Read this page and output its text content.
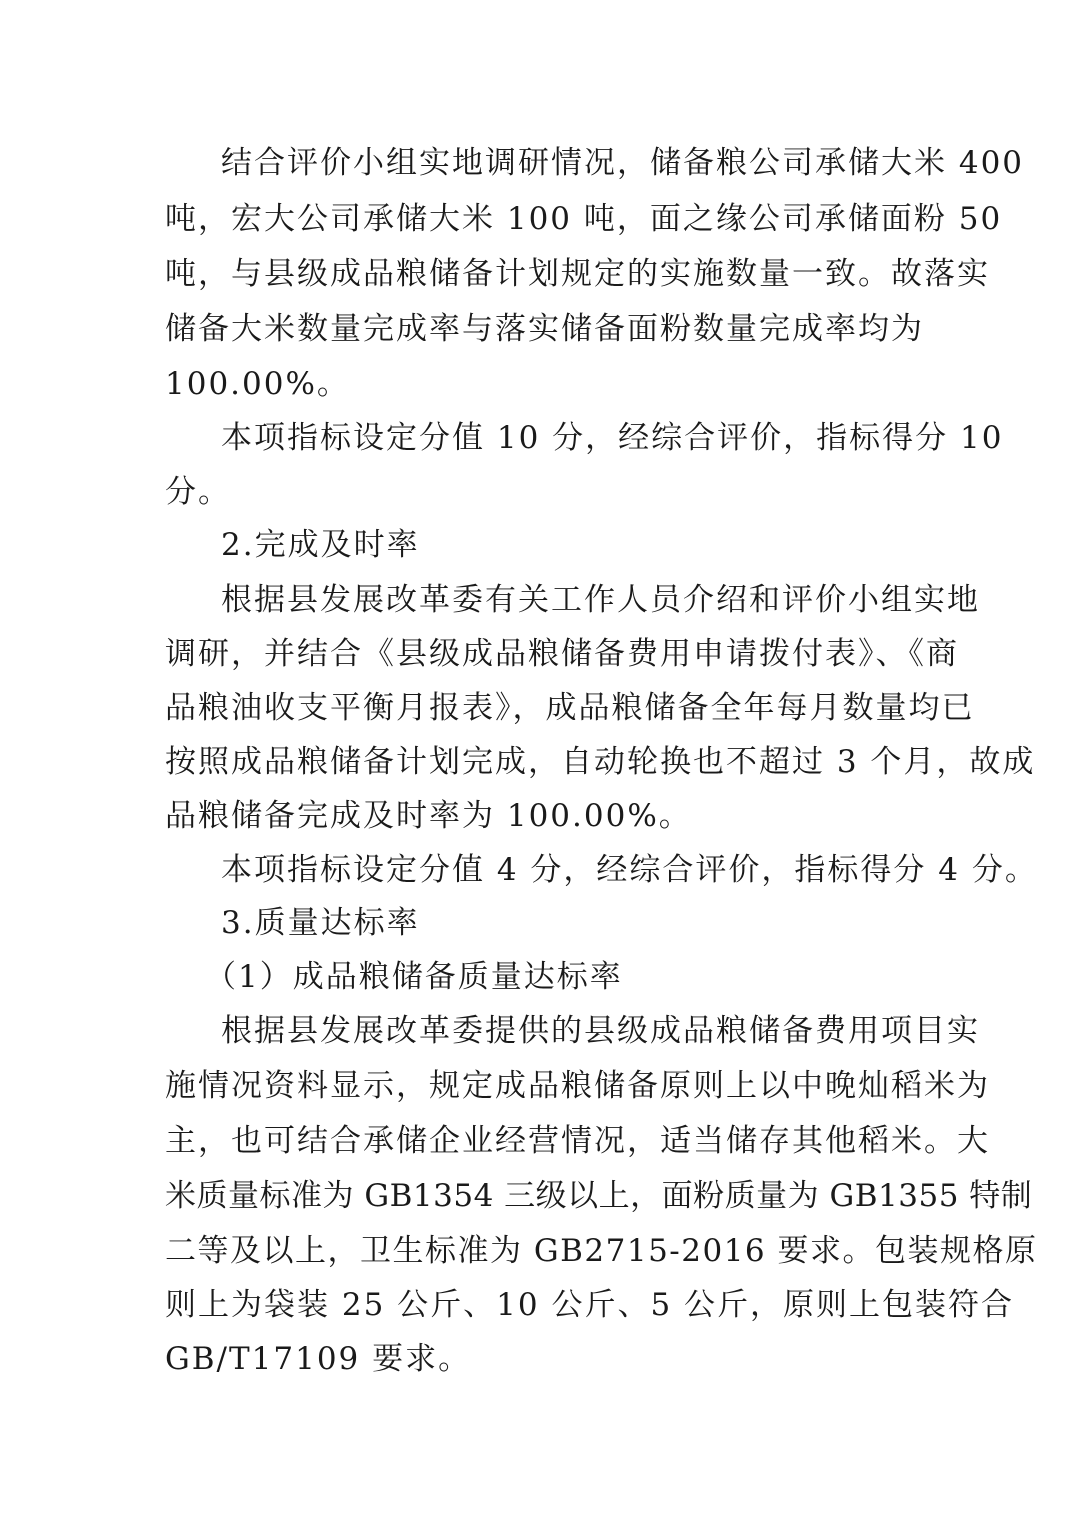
结合评价小组实地调研情况，储备粮公司承储大米 400
吨，宏大公司承储大米 100 吨，面之缘公司承储面粉 50
吨，与县级成品粮储备计划规定的实施数量一致。故落实
储备大米数量完成率与落实储备面粉数量完成率均为
100.00%。
本项指标设定分值 10 分，经综合评价，指标得分 10
分。
2.完成及时率
根据县发展改革委有关工作人员介绍和评价小组实地
调研，并结合《县级成品粮储备费用申请拨付表》、《商
品粮油收支平衡月报表》，成品粮储备全年每月数量均已
按照成品粮储备计划完成，自动轮换也不超过 3 个月，故成
品粮储备完成及时率为 100.00%。
本项指标设定分值 4 分，经综合评价，指标得分 4 分。
3.质量达标率
（1）成品粮储备质量达标率
根据县发展改革委提供的县级成品粮储备费用项目实
施情况资料显示，规定成品粮储备原则上以中晚灿稻米为
主，也可结合承储企业经营情况，适当储存其他稻米。大
米质量标准为 GB1354 三级以上，面粉质量为 GB1355 特制
二等及以上，卫生标准为 GB2715-2016 要求。包装规格原
则上为袋装 25 公斤、10 公斤、5 公斤，原则上包装符合
GB/T17109 要求。
